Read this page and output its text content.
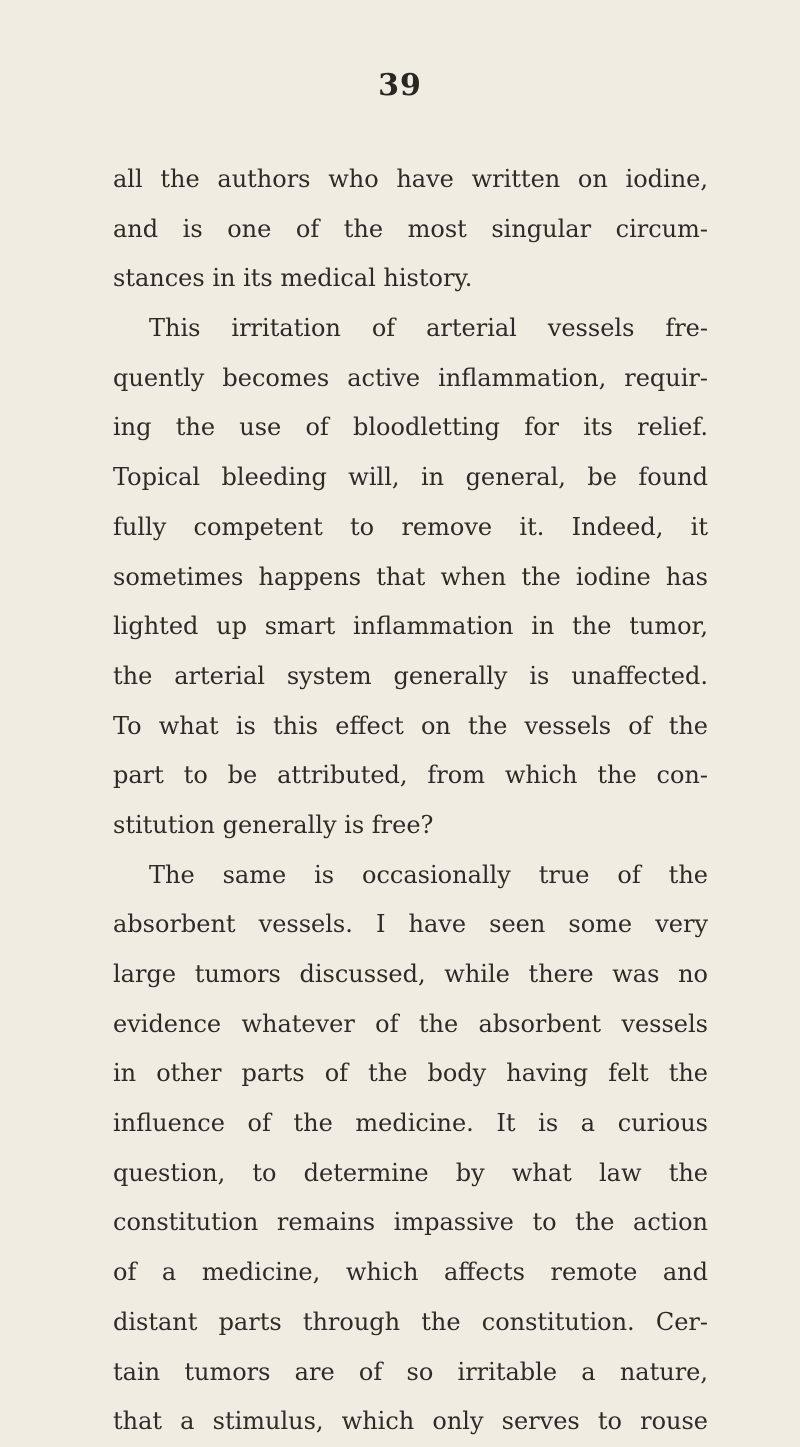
39
all the authors who have written on iodine,
and is one of the most singular circum-
stances in its medical history.
This irritation of arterial vessels fre-
quently becomes active inflammation, requir-
ing the use of bloodletting for its relief.
Topical bleeding will, in general, be found
fully competent to remove it. Indeed, it
sometimes happens that when the iodine has
lighted up smart inflammation in the tumor,
the arterial system generally is unaffected.
To what is this effect on the vessels of the
part to be attributed, from which the con-
stitution generally is free?
The same is occasionally true of the
absorbent vessels. I have seen some very
large tumors discussed, while there was no
evidence whatever of the absorbent vessels
in other parts of the body having felt the
influence of the medicine. It is a curious
question, to determine by what law the
constitution remains impassive to the action
of a medicine, which affects remote and
distant parts through the constitution. Cer-
tain tumors are of so irritable a nature,
that a stimulus, which only serves to rouse
